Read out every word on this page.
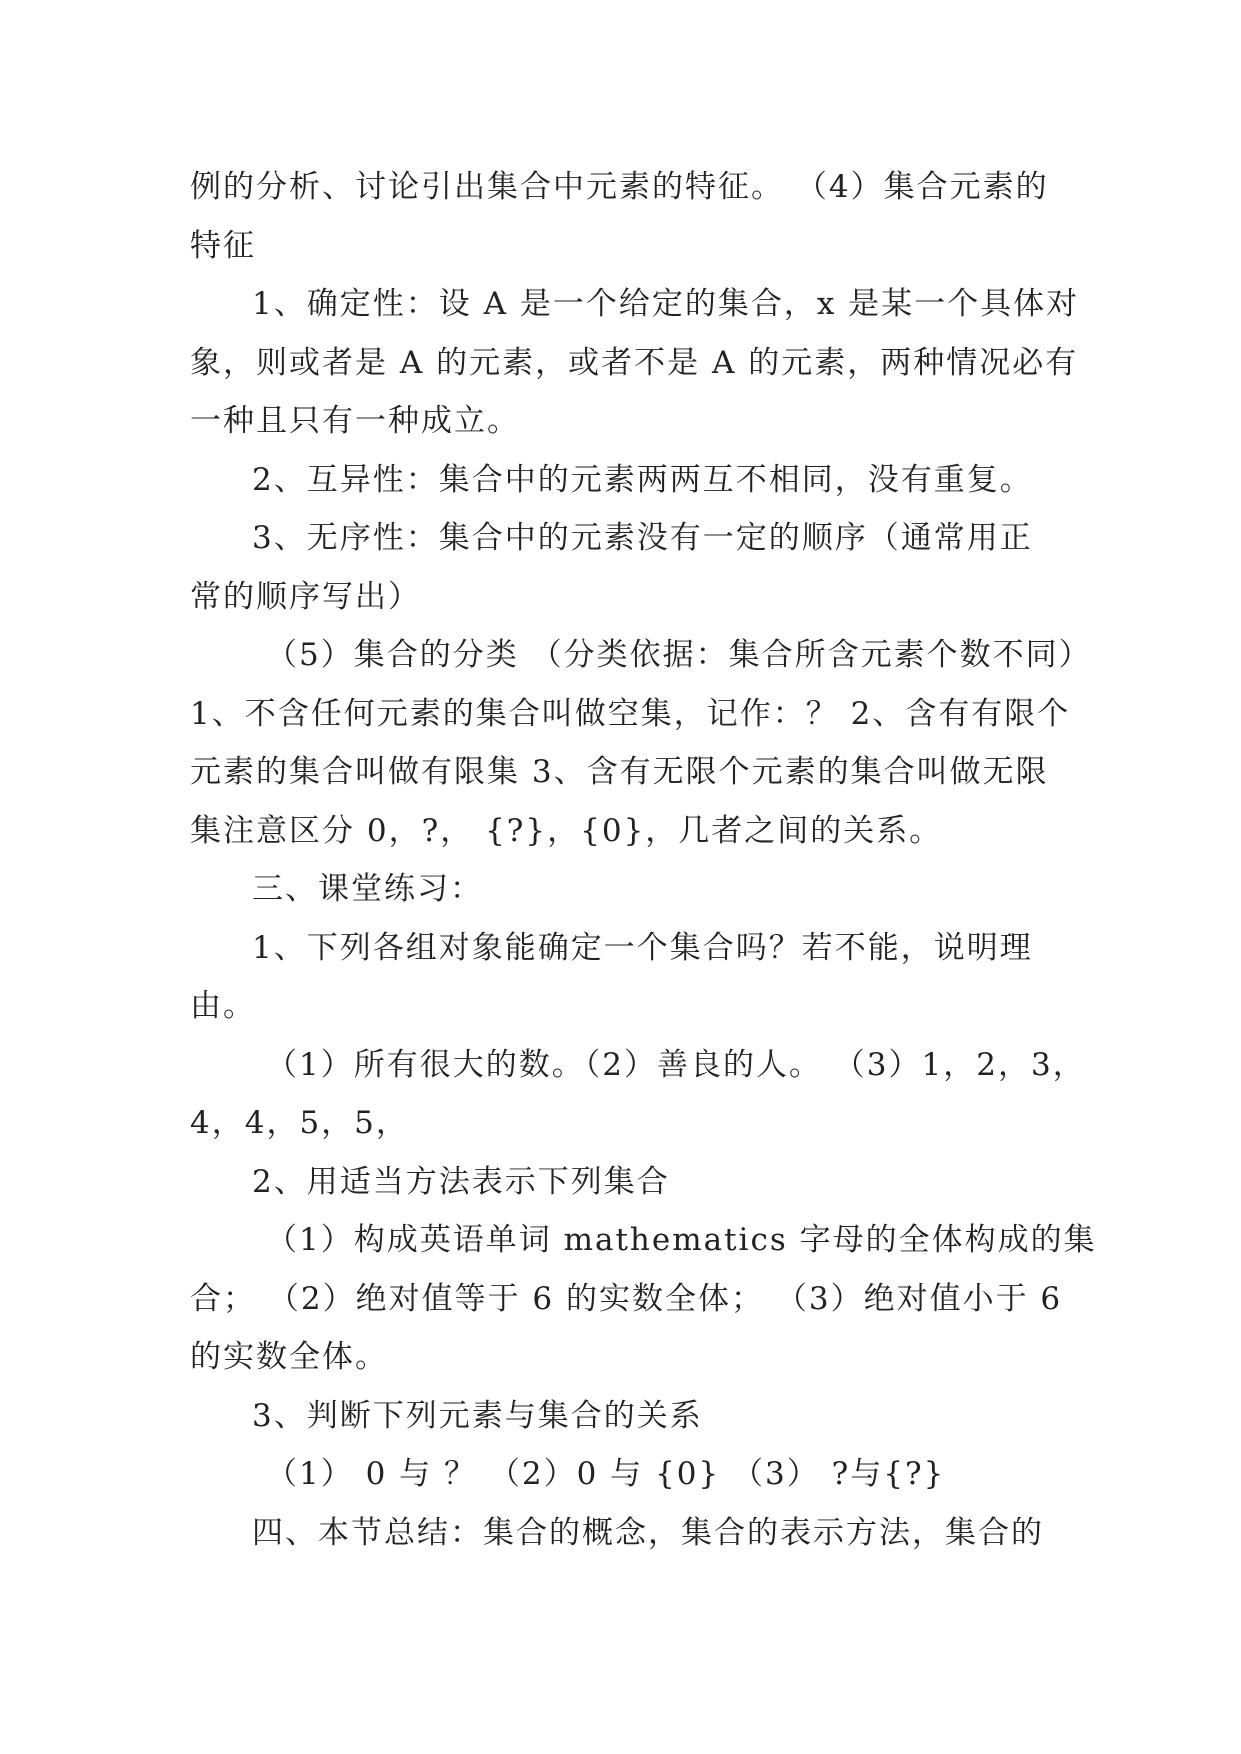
例的分析、讨论引出集合中元素的特征。 （4）集合元素的
特征
1、确定性：设 A 是一个给定的集合，x 是某一个具体对
象，则或者是 A 的元素，或者不是 A 的元素，两种情况必有
一种且只有一种成立。
2、互异性：集合中的元素两两互不相同，没有重复。
3、无序性：集合中的元素没有一定的顺序（通常用正
常的顺序写出）
（5）集合的分类 （分类依据：集合所含元素个数不同）
1、不含任何元素的集合叫做空集，记作：？ 2、含有有限个
元素的集合叫做有限集 3、含有无限个元素的集合叫做无限
集注意区分 0，?， {?}，{0}，几者之间的关系。
三、课堂练习：
1、下列各组对象能确定一个集合吗？若不能，说明理
由。
（1）所有很大的数。（2）善良的人。 （3）1，2，3，
4，4，5，5，
2、用适当方法表示下列集合
（1）构成英语单词 mathematics 字母的全体构成的集
合； （2）绝对值等于 6 的实数全体； （3）绝对值小于 6
的实数全体。
3、判断下列元素与集合的关系
（1） 0 与 ？ （2）0 与 {0} （3） ?与{?}
四、本节总结：集合的概念，集合的表示方法，集合的
